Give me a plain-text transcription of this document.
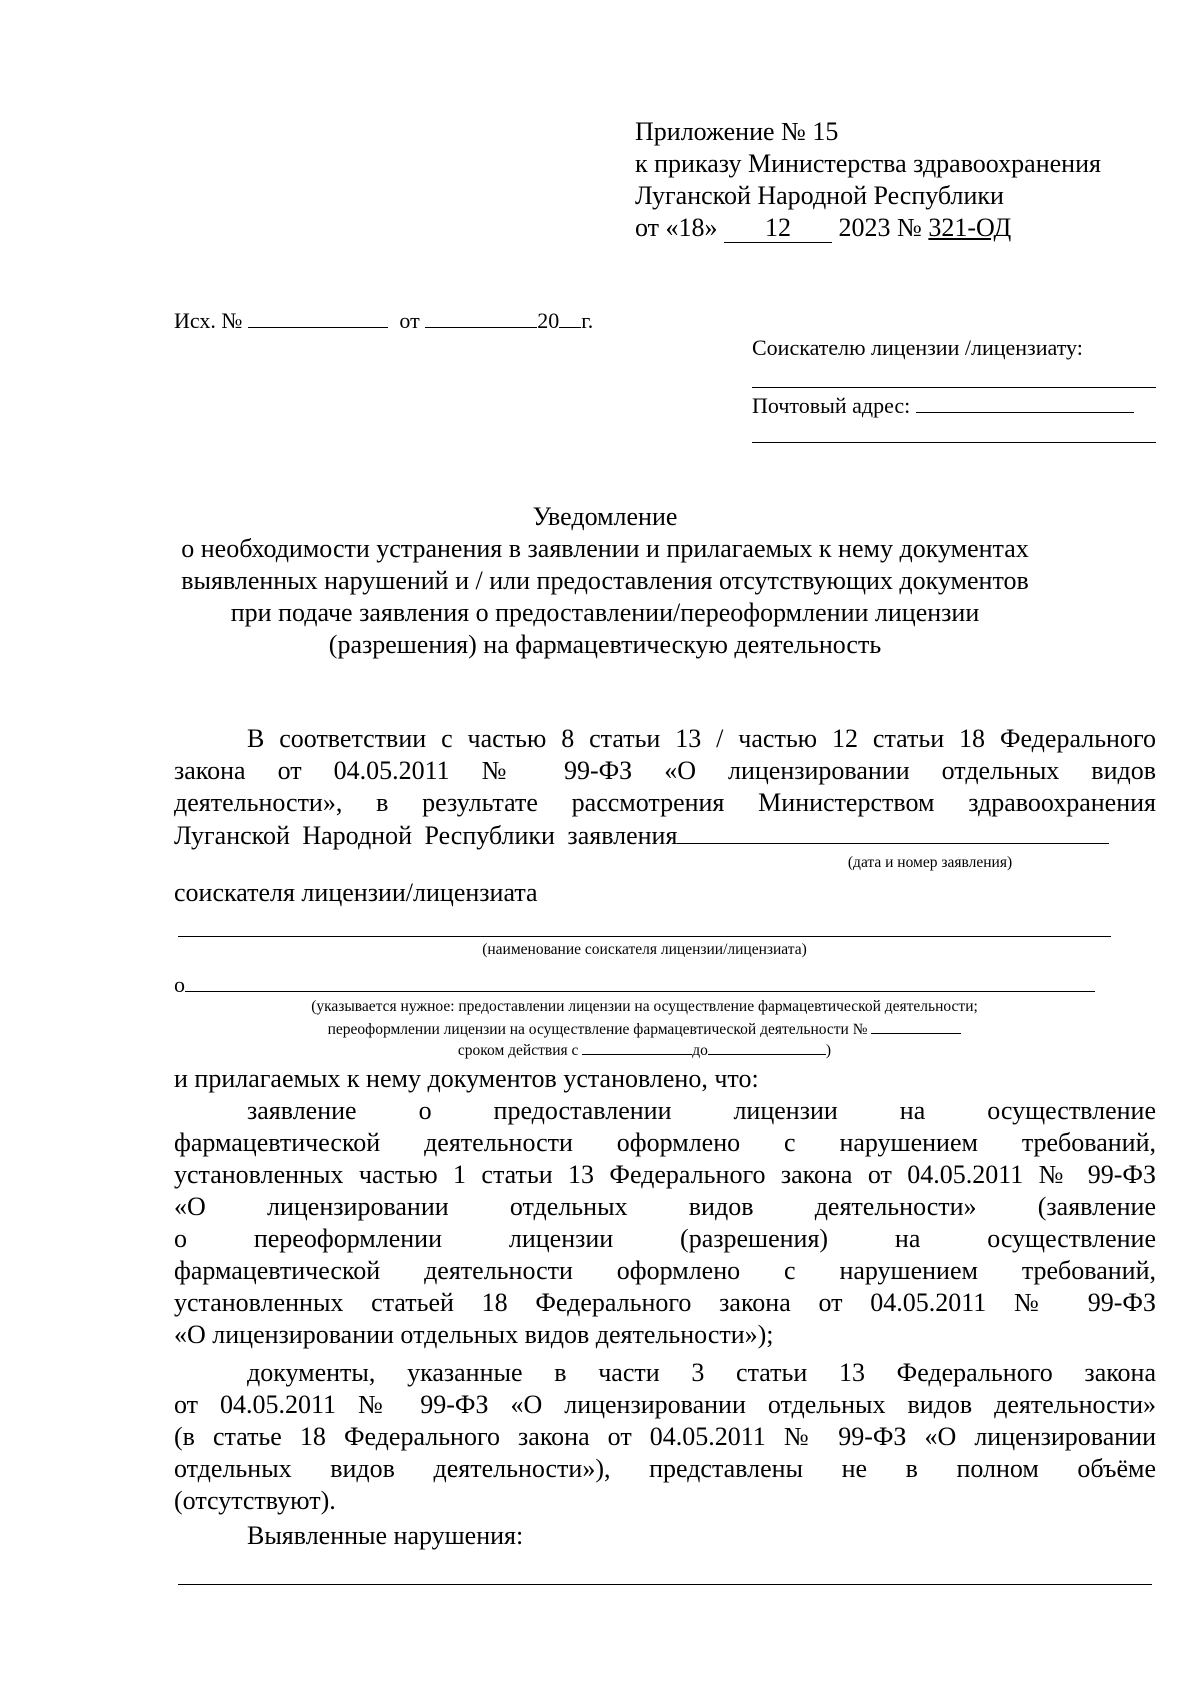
Приложение № 15
к приказу Министерства здравоохранения
Луганской Народной Республики
от «18» 12 2023 № 321-ОД
Исх. №	от	20 г.
Соискателю лицензии /лицензиату:
Почтовый адрес:
Уведомление
о необходимости устранения в заявлении и прилагаемых к нему документах
выявленных нарушений и / или предоставления отсутствующих документов
при подаче заявления о предоставлении/переоформлении лицензии
(разрешения) на фармацевтическую деятельность
В соответствии с частью 8 статьи 13 / частью 12 статьи 18 Федерального
закона от 04.05.2011 № 99-ФЗ «О лицензировании отдельных видов
деятельности», в результате рассмотрения Министерством здравоохранения
Луганской Народной Республики заявления
(дата и номер заявления)
соискателя лицензии/лицензиата
(наименование соискателя лицензии/лицензиата)
о
(указывается нужное: предоставлении лицензии на осуществление фармацевтической деятельности;
переоформлении лицензии на осуществление фармацевтической деятельности №
сроком действия с	до	)
и прилагаемых к нему документов установлено, что:
заявление о предоставлении лицензии на осуществление
фармацевтической деятельности оформлено с нарушением требований,
установленных частью 1 статьи 13 Федерального закона от 04.05.2011 № 99-ФЗ
«О лицензировании отдельных видов деятельности» (заявление
о переоформлении лицензии (разрешения) на осуществление
фармацевтической деятельности оформлено с нарушением требований,
установленных статьей 18 Федерального закона от 04.05.2011 № 99-ФЗ
«О лицензировании отдельных видов деятельности»);
документы, указанные в части 3 статьи 13 Федерального закона
от 04.05.2011 № 99-ФЗ «О лицензировании отдельных видов деятельности»
(в статье 18 Федерального закона от 04.05.2011 № 99-ФЗ «О лицензировании
отдельных видов деятельности»), представлены не в полном объёме
(отсутствуют).
Выявленные нарушения:
